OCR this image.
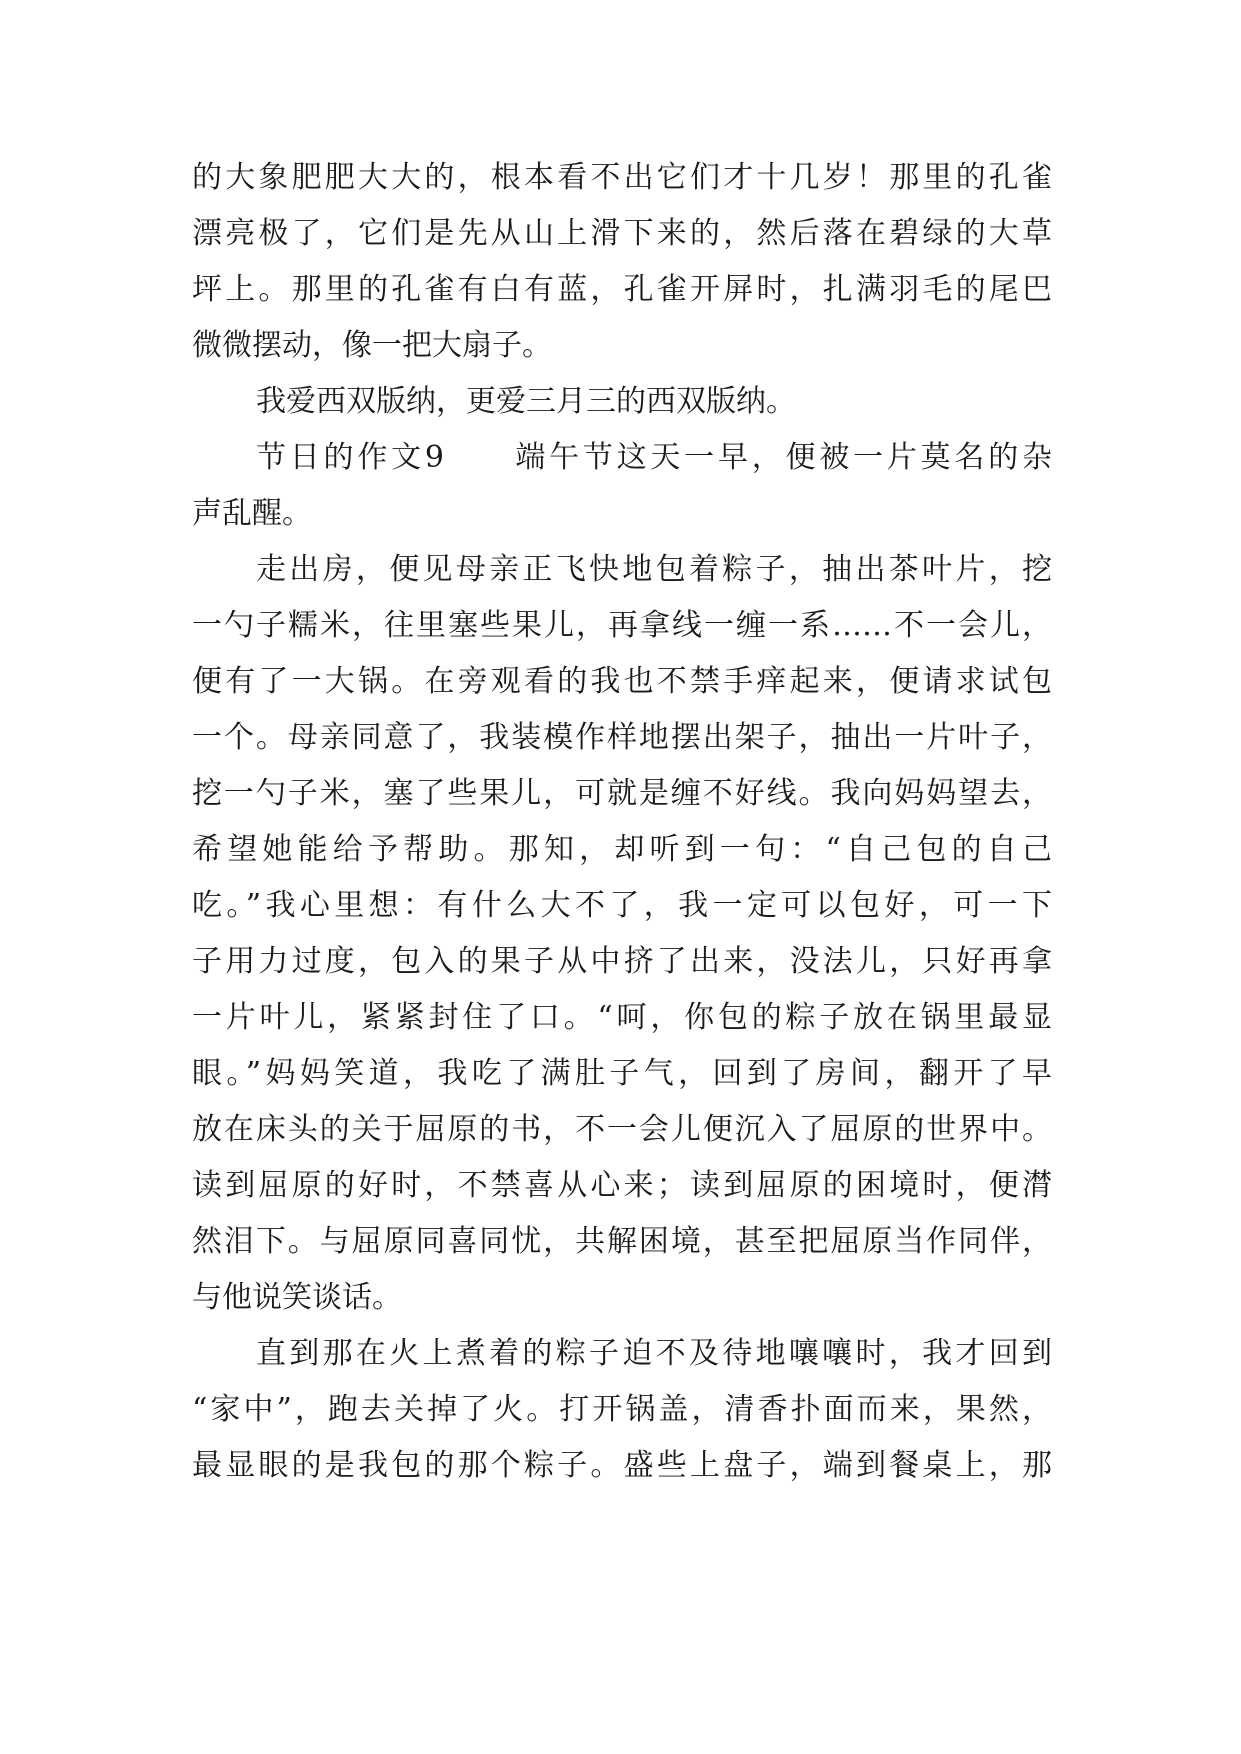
的大象肥肥大大的，根本看不出它们才十几岁！那里的孔雀
漂亮极了，它们是先从山上滑下来的，然后落在碧绿的大草
坪上。那里的孔雀有白有蓝，孔雀开屏时，扎满羽毛的尾巴
微微摆动，像一把大扇子。
我爱西双版纳，更爱三月三的西双版纳。
节日的作文9　　端午节这天一早，便被一片莫名的杂
声乱醒。
走出房，便见母亲正飞快地包着粽子，抽出茶叶片，挖
一勺子糯米，往里塞些果儿，再拿线一缠一系……不一会儿，
便有了一大锅。在旁观看的我也不禁手痒起来，便请求试包
一个。母亲同意了，我装模作样地摆出架子，抽出一片叶子，
挖一勺子米，塞了些果儿，可就是缠不好线。我向妈妈望去，
希望她能给予帮助。那知，却听到一句：“自己包的自己
吃。”我心里想：有什么大不了，我一定可以包好，可一下
子用力过度，包入的果子从中挤了出来，没法儿，只好再拿
一片叶儿，紧紧封住了口。“呵，你包的粽子放在锅里最显
眼。”妈妈笑道，我吃了满肚子气，回到了房间，翻开了早
放在床头的关于屈原的书，不一会儿便沉入了屈原的世界中。
读到屈原的好时，不禁喜从心来；读到屈原的困境时，便潸
然泪下。与屈原同喜同忧，共解困境，甚至把屈原当作同伴，
与他说笑谈话。
直到那在火上煮着的粽子迫不及待地嚷嚷时，我才回到
“家中”，跑去关掉了火。打开锅盖，清香扑面而来，果然，
最显眼的是我包的那个粽子。盛些上盘子，端到餐桌上，那
